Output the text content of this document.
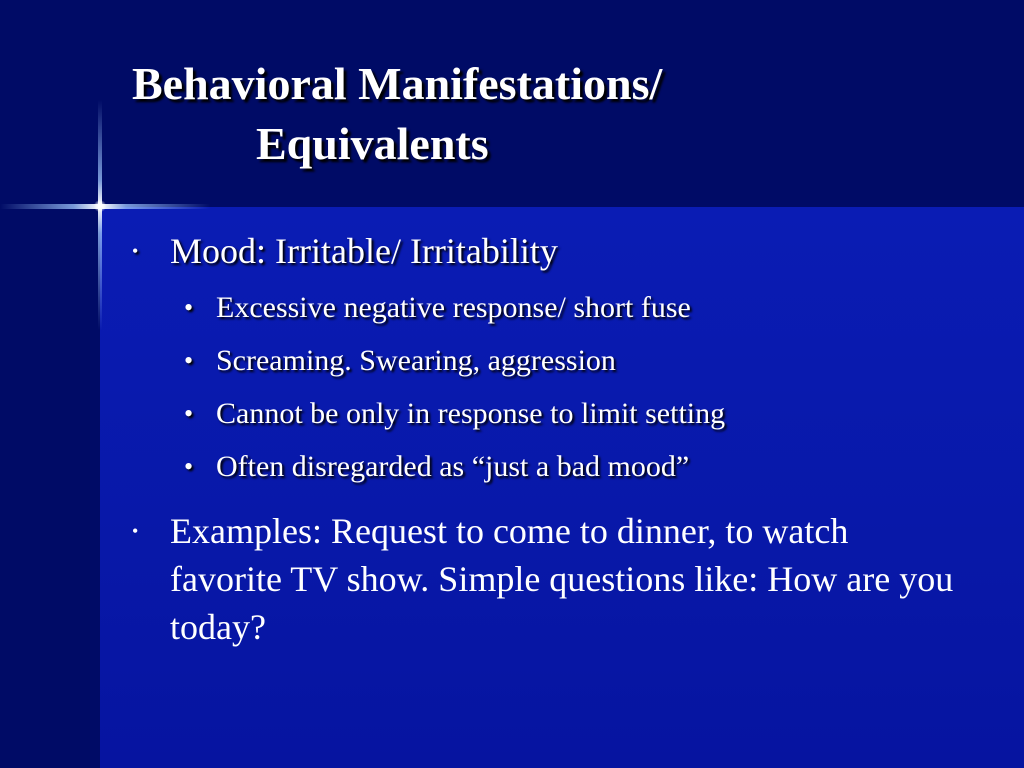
Behavioral Manifestations/
Equivalents
• Mood: Irritable/ Irritability
• Excessive negative response/ short fuse
• Screaming. Swearing, aggression
• Cannot be only in response to limit setting
• Often disregarded as “just a bad mood”
• Examples: Request to come to dinner, to watch favorite TV show. Simple questions like: How are you today?
